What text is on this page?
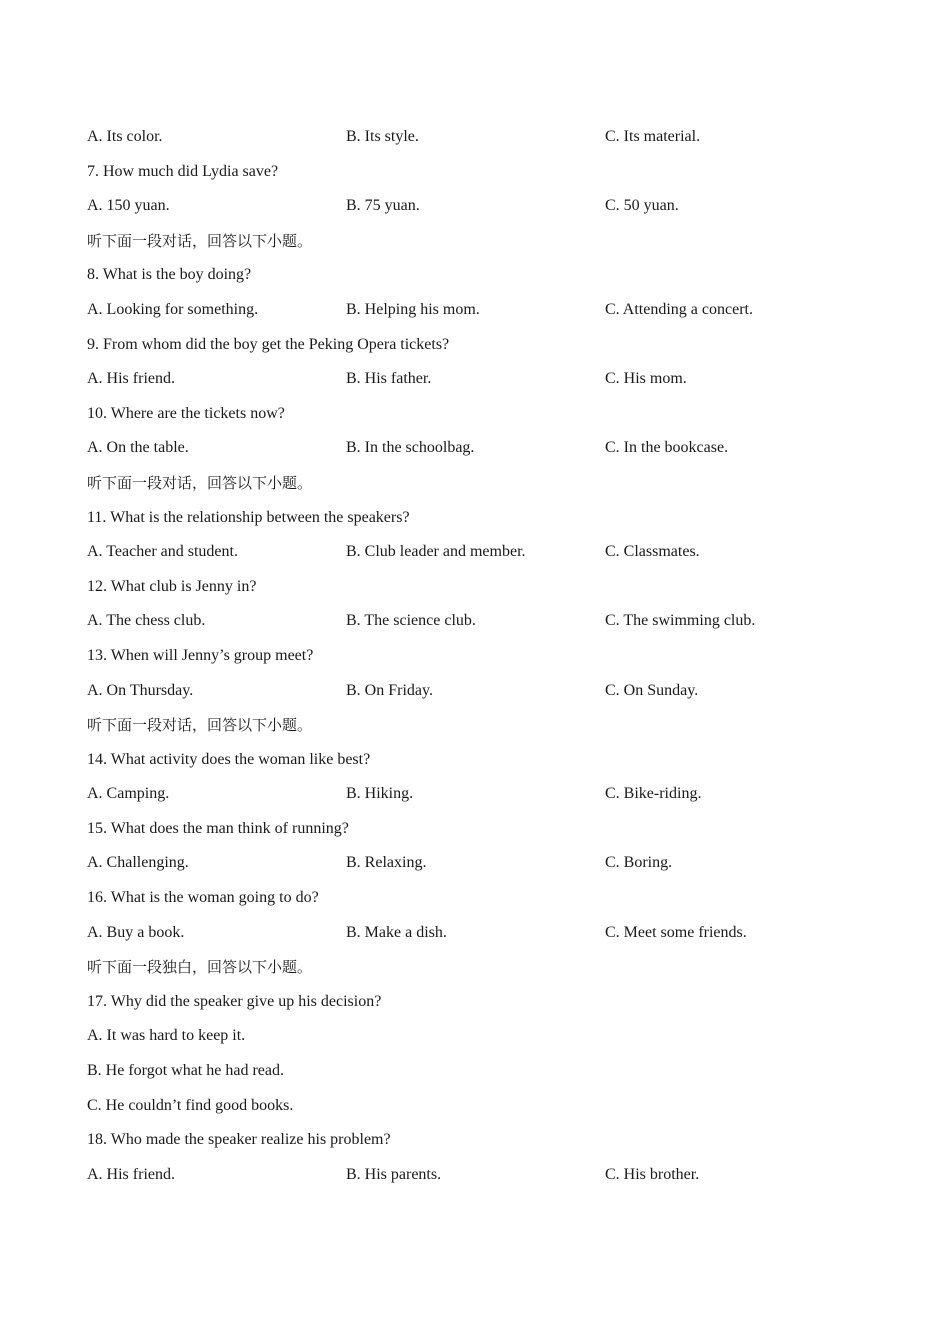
A. Its color.	B. Its style.	C. Its material.
7. How much did Lydia save?
A. 150 yuan.	B. 75 yuan.	C. 50 yuan.
听下面一段对话，回答以下小题。
8. What is the boy doing?
A. Looking for something.	B. Helping his mom.	C. Attending a concert.
9. From whom did the boy get the Peking Opera tickets?
A. His friend.	B. His father.	C. His mom.
10. Where are the tickets now?
A. On the table.	B. In the schoolbag.	C. In the bookcase.
听下面一段对话，回答以下小题。
11. What is the relationship between the speakers?
A. Teacher and student.	B. Club leader and member.	C. Classmates.
12. What club is Jenny in?
A. The chess club.	B. The science club.	C. The swimming club.
13. When will Jenny’s group meet?
A. On Thursday.	B. On Friday.	C. On Sunday.
听下面一段对话，回答以下小题。
14. What activity does the woman like best?
A. Camping.	B. Hiking.	C. Bike-riding.
15. What does the man think of running?
A. Challenging.	B. Relaxing.	C. Boring.
16. What is the woman going to do?
A. Buy a book.	B. Make a dish.	C. Meet some friends.
听下面一段独白，回答以下小题。
17. Why did the speaker give up his decision?
A. It was hard to keep it.
B. He forgot what he had read.
C. He couldn’t find good books.
18. Who made the speaker realize his problem?
A. His friend.	B. His parents.	C. His brother.
